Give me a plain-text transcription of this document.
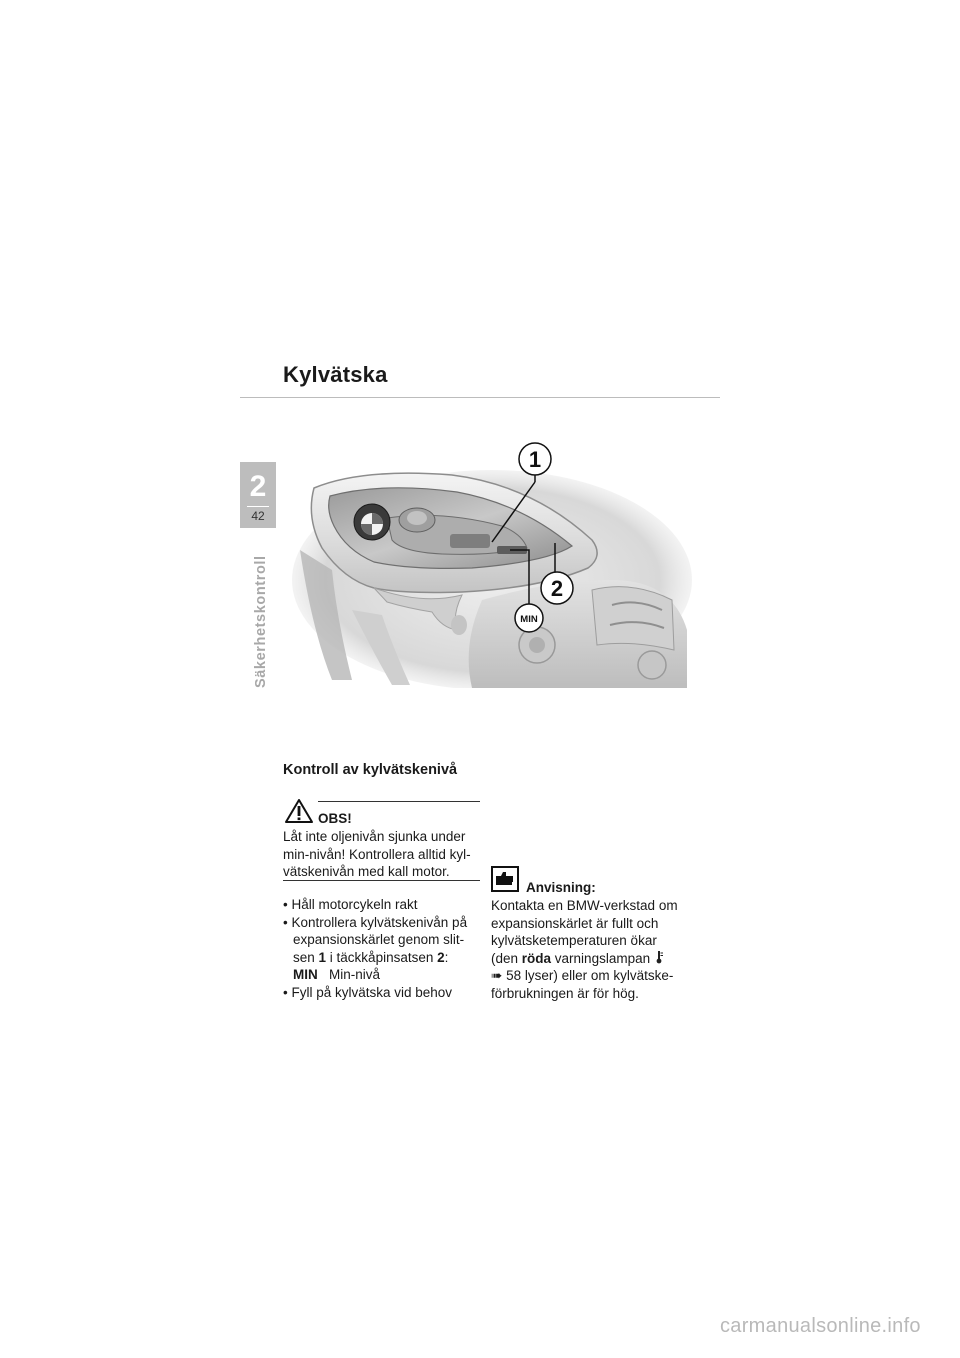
Kylvätska
2
42
Säkerhetskontroll
1
2
MIN
Kontroll av kylvätskenivå
OBS!
Låt inte oljenivån sjunka under
min-nivån! Kontrollera alltid kyl-
vätskenivån med kall motor.
• Håll motorcykeln rakt
• Kontrollera kylvätskenivån på
expansionskärlet genom slit-
sen 1 i täckkåpinsatsen 2:
MIN Min-nivå
• Fyll på kylvätska vid behov
Anvisning:
Kontakta en BMW-verkstad om
expansionskärlet är fullt och
kylvätsketemperaturen ökar
(den röda varningslampan
➠ 58 lyser) eller om kylvätske-
förbrukningen är för hög.
carmanualsonline.info
